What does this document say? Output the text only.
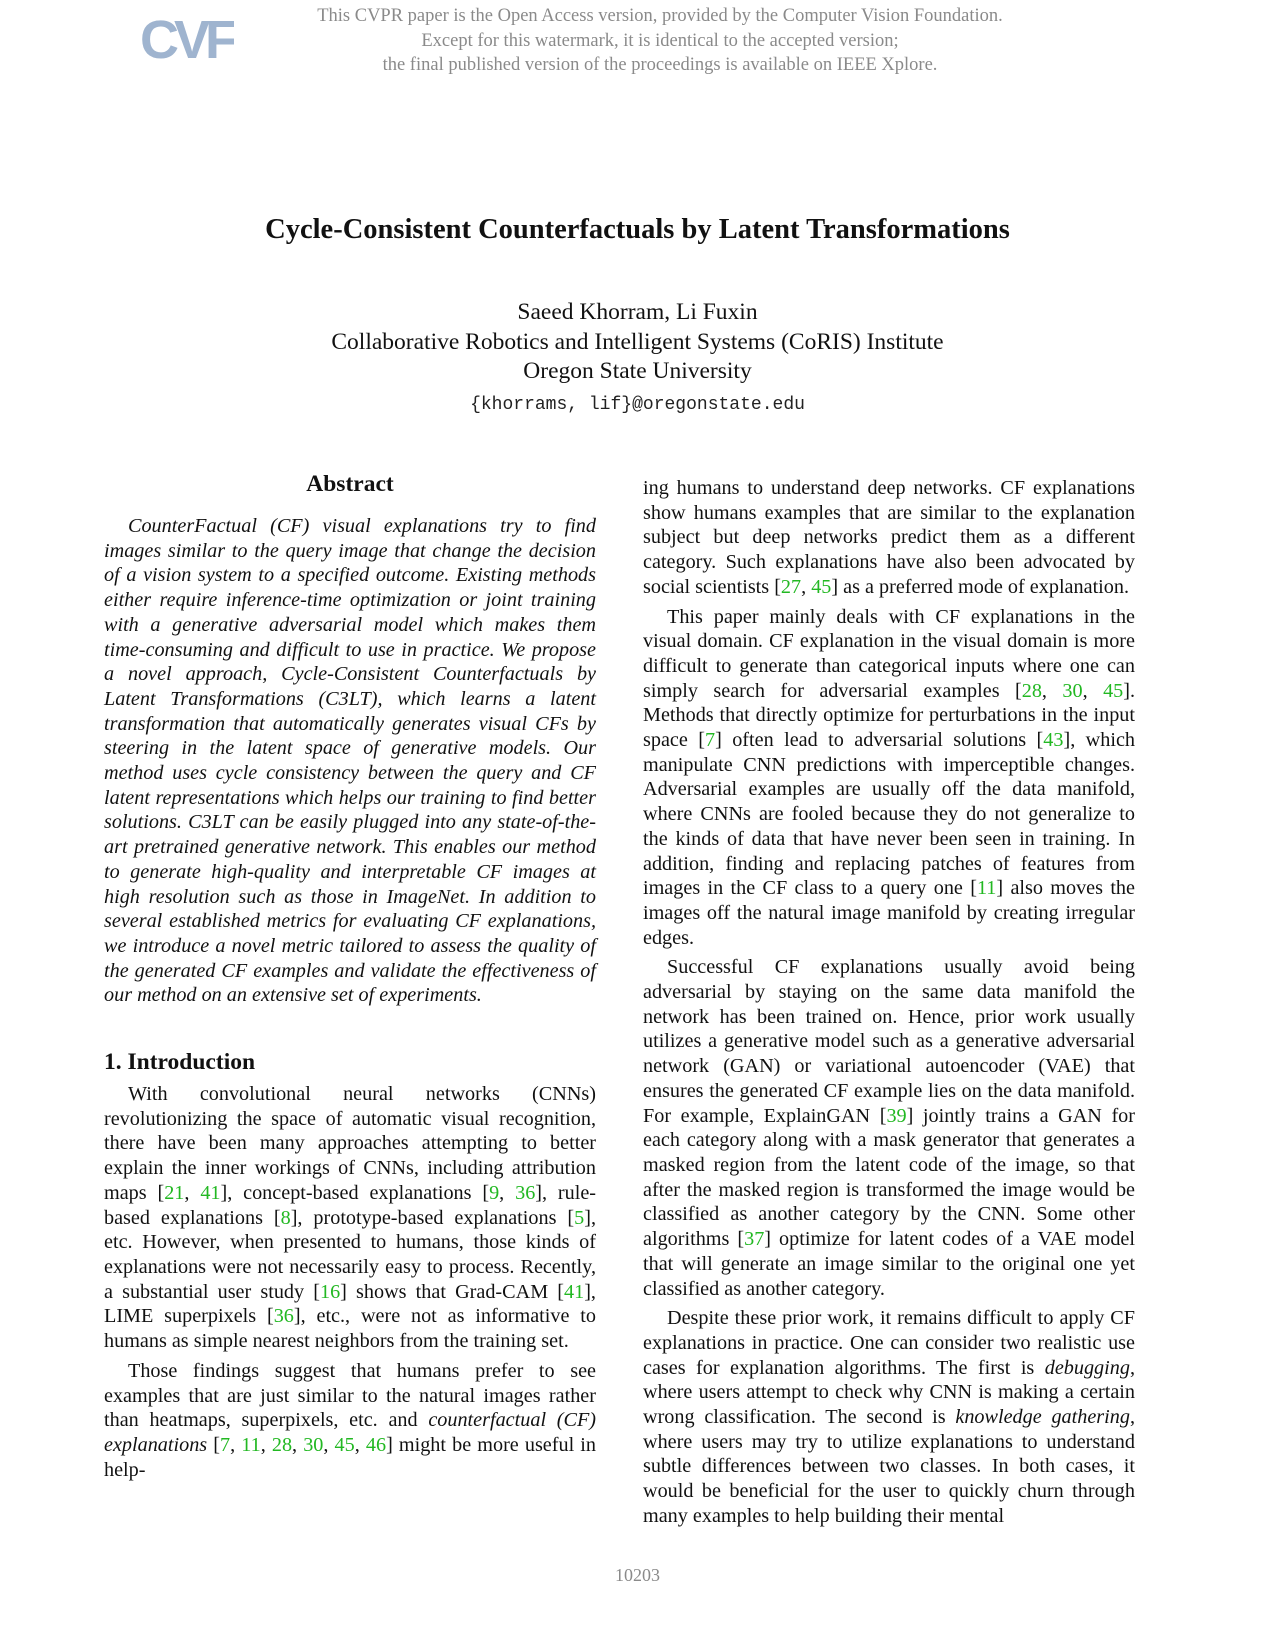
CVF	This CVPR paper is the Open Access version, provided by the Computer Vision Foundation.
Except for this watermark, it is identical to the accepted version;
the final published version of the proceedings is available on IEEE Xplore.
Cycle-Consistent Counterfactuals by Latent Transformations
Saeed Khorram, Li Fuxin
Collaborative Robotics and Intelligent Systems (CoRIS) Institute
Oregon State University
{khorrams, lif}@oregonstate.edu
Abstract

CounterFactual (CF) visual explanations try to find images similar to the query image that change the decision of a vision system to a specified outcome. Existing methods either require inference-time optimization or joint training with a generative adversarial model which makes them time-consuming and difficult to use in practice. We propose a novel approach, Cycle-Consistent Counterfactuals by Latent Transformations (C3LT), which learns a latent transformation that automatically generates visual CFs by steering in the latent space of generative models. Our method uses cycle consistency between the query and CF latent representations which helps our training to find better solutions. C3LT can be easily plugged into any state-of-the-art pretrained generative network. This enables our method to generate high-quality and interpretable CF images at high resolution such as those in ImageNet. In addition to several established metrics for evaluating CF explanations, we introduce a novel metric tailored to assess the quality of the generated CF examples and validate the effectiveness of our method on an extensive set of experiments.

1. Introduction

With convolutional neural networks (CNNs) revolutionizing the space of automatic visual recognition, there have been many approaches attempting to better explain the inner workings of CNNs, including attribution maps [21, 41], concept-based explanations [9, 36], rule-based explanations [8], prototype-based explanations [5], etc. However, when presented to humans, those kinds of explanations were not necessarily easy to process. Recently, a substantial user study [16] shows that Grad-CAM [41], LIME superpixels [36], etc., were not as informative to humans as simple nearest neighbors from the training set.

Those findings suggest that humans prefer to see examples that are just similar to the natural images rather than heatmaps, superpixels, etc. and counterfactual (CF) explanations [7, 11, 28, 30, 45, 46] might be more useful in help-

ing humans to understand deep networks. CF explanations show humans examples that are similar to the explanation subject but deep networks predict them as a different category. Such explanations have also been advocated by social scientists [27, 45] as a preferred mode of explanation.

This paper mainly deals with CF explanations in the visual domain. CF explanation in the visual domain is more difficult to generate than categorical inputs where one can simply search for adversarial examples [28, 30, 45]. Methods that directly optimize for perturbations in the input space [7] often lead to adversarial solutions [43], which manipulate CNN predictions with imperceptible changes. Adversarial examples are usually off the data manifold, where CNNs are fooled because they do not generalize to the kinds of data that have never been seen in training. In addition, finding and replacing patches of features from images in the CF class to a query one [11] also moves the images off the natural image manifold by creating irregular edges.

Successful CF explanations usually avoid being adversarial by staying on the same data manifold the network has been trained on. Hence, prior work usually utilizes a generative model such as a generative adversarial network (GAN) or variational autoencoder (VAE) that ensures the generated CF example lies on the data manifold. For example, ExplainGAN [39] jointly trains a GAN for each category along with a mask generator that generates a masked region from the latent code of the image, so that after the masked region is transformed the image would be classified as another category by the CNN. Some other algorithms [37] optimize for latent codes of a VAE model that will generate an image similar to the original one yet classified as another category.

Despite these prior work, it remains difficult to apply CF explanations in practice. One can consider two realistic use cases for explanation algorithms. The first is debugging, where users attempt to check why CNN is making a certain wrong classification. The second is knowledge gathering, where users may try to utilize explanations to understand subtle differences between two classes. In both cases, it would be beneficial for the user to quickly churn through many examples to help building their mental

10203
